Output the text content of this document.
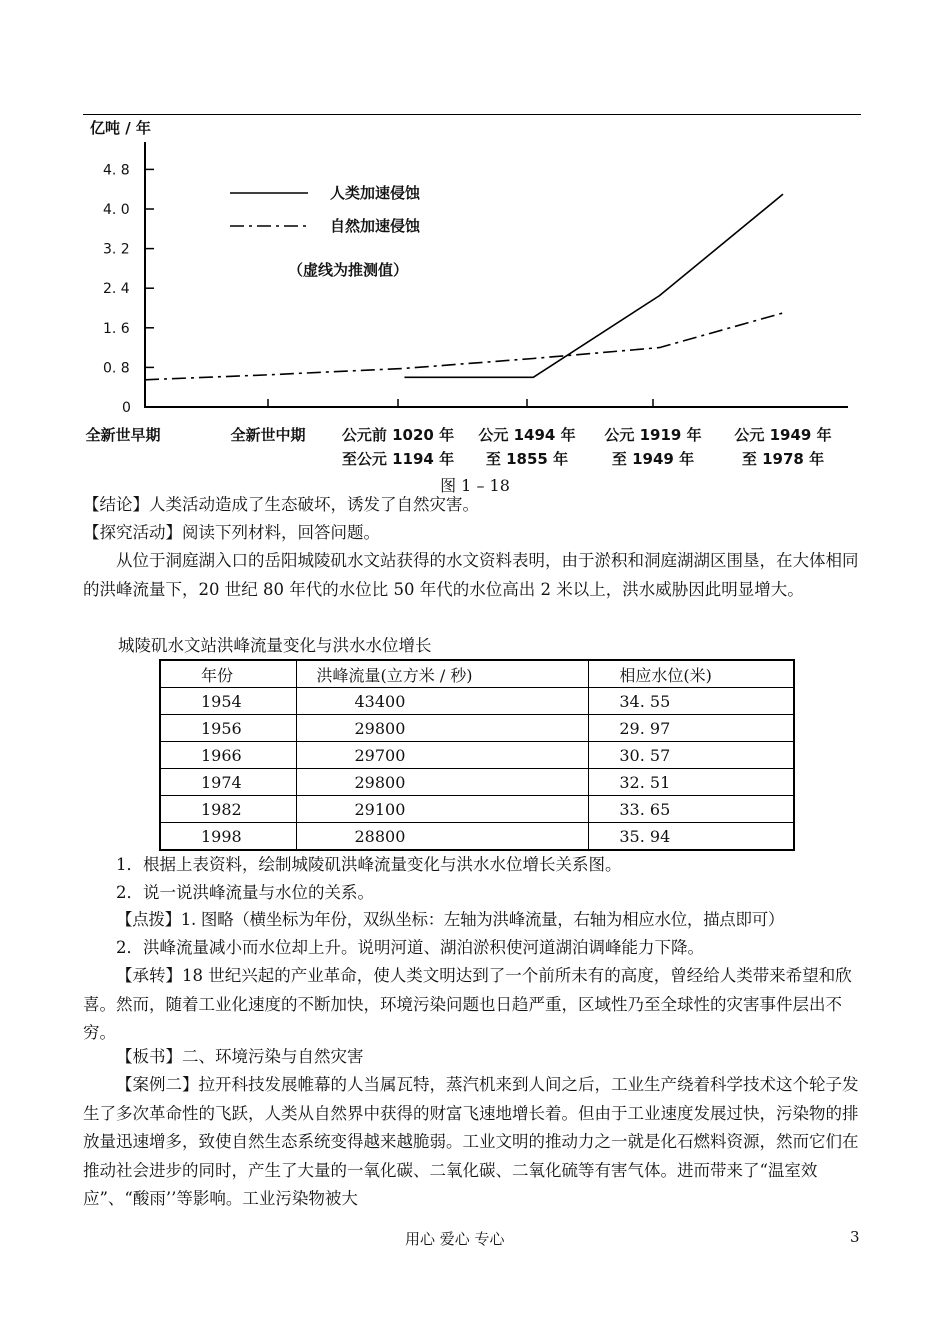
亿吨 / 年
4. 8
4. 0
3. 2
2. 4
1. 6
0. 8
0
全新世早期	全新世中期 公元前 1020 年
至公元 1194 年
公元 1494 年
至 1855 年
公元 1919 年
至 1949 年
公元 1949 年
至 1978 年
人类加速侵蚀
自然加速侵蚀
（虚线为推测值）
图 1 – 18
【结论】人类活动造成了生态破坏，诱发了自然灾害。
【探究活动】阅读下列材料，回答问题。
从位于洞庭湖入口的岳阳城陵矶水文站获得的水文资料表明，由于淤积和洞庭湖湖区围垦，在大体相同的洪峰流量下，20 世纪 80 年代的水位比 50 年代的水位高出 2 米以上，洪水威胁因此明显增大。
城陵矶水文站洪峰流量变化与洪水水位增长
年份	洪峰流量(立方米 / 秒)	相应水位(米)
1954	43400	34. 55
1956	29800	29. 97
1966	29700	30. 57
1974	29800	32. 51
1982	29100	33. 65
1998	28800	35. 94
1．根据上表资料，绘制城陵矶洪峰流量变化与洪水水位增长关系图。
2．说一说洪峰流量与水位的关系。
【点拨】1. 图略（横坐标为年份，双纵坐标：左轴为洪峰流量，右轴为相应水位，描点即可）
2．洪峰流量减小而水位却上升。说明河道、湖泊淤积使河道湖泊调峰能力下降。
【承转】18 世纪兴起的产业革命，使人类文明达到了一个前所未有的高度，曾经给人类带来希望和欣喜。然而，随着工业化速度的不断加快，环境污染问题也日趋严重，区域性乃至全球性的灾害事件层出不穷。
【板书】二、环境污染与自然灾害
【案例二】拉开科技发展帷幕的人当属瓦特，蒸汽机来到人间之后，工业生产绕着科学技术这个轮子发生了多次革命性的飞跃，人类从自然界中获得的财富飞速地增长着。但由于工业速度发展过快，污染物的排放量迅速增多，致使自然生态系统变得越来越脆弱。工业文明的推动力之一就是化石燃料资源，然而它们在推动社会进步的同时，产生了大量的一氧化碳、二氧化碳、二氧化硫等有害气体。进而带来了“温室效应”、“酸雨’’等影响。工业污染物被大
用心 爱心 专心	3
